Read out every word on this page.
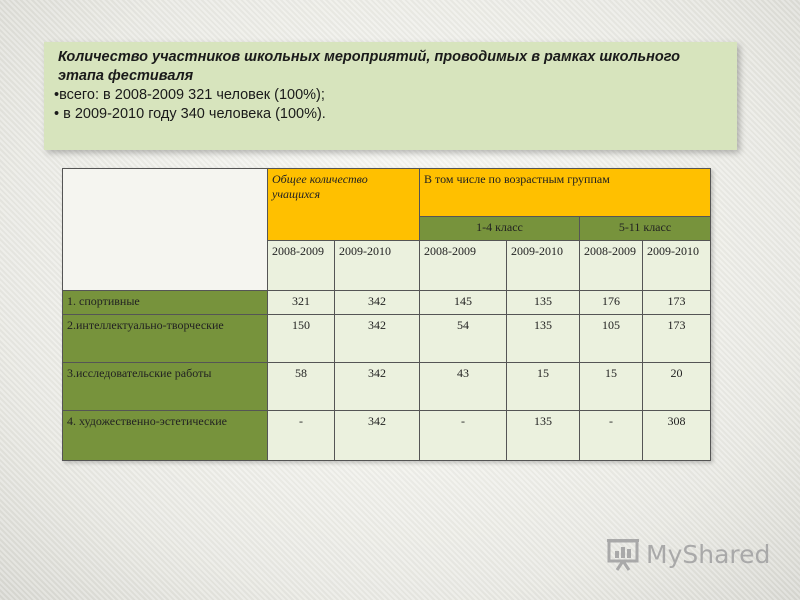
Количество участников школьных мероприятий, проводимых в рамках школьного этапа фестиваля
•всего: в 2008-2009 321 человек (100%);
• в 2009-2010 году 340 человека (100%).
	Общее количество учащихся		В том числе по возрастным группам			
			1-4 класс		5-11 класс	
	2008-2009	2009-2010	2008-2009	2009-2010	2008-2009	2009-2010
1. спортивные	321	342	145	135	176	173
2.интеллектуально-творческие	150	342	54	135	105	173
3.исследовательские работы	58	342	43	15	15	20
4. художественно-эстетические	-	342	-	135	-	308
MyShared
